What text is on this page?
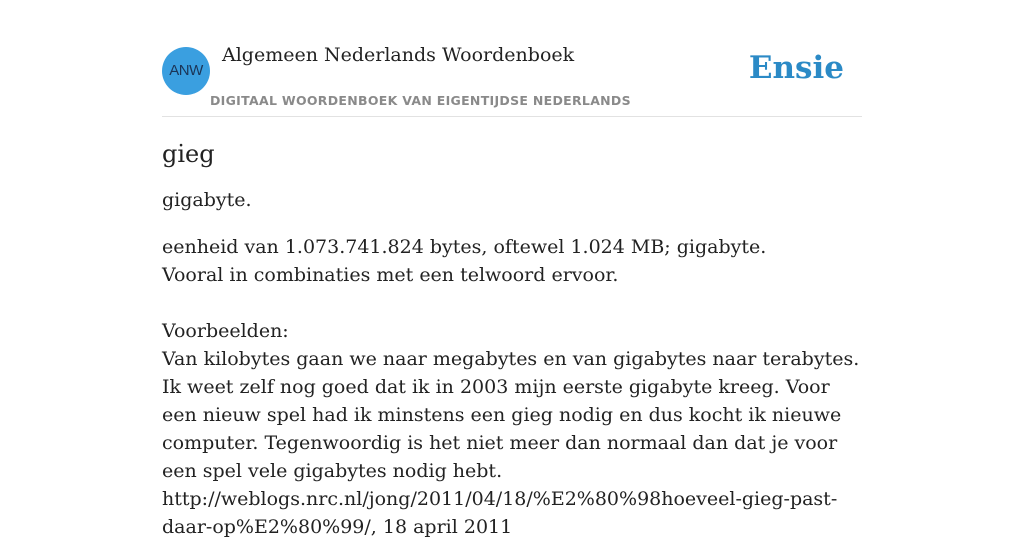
ANW
Algemeen Nederlands Woordenboek
DIGITAAL WOORDENBOEK VAN EIGENTIJDSE NEDERLANDS
Ensie
gieg

gigabyte.

eenheid van 1.073.741.824 bytes, oftewel 1.024 MB; gigabyte.
Vooral in combinaties met een telwoord ervoor.

Voorbeelden:
Van kilobytes gaan we naar megabytes en van gigabytes naar terabytes. Ik weet zelf nog goed dat ik in 2003 mijn eerste gigabyte kreeg. Voor een nieuw spel had ik minstens een gieg nodig en dus kocht ik nieuwe computer. Tegenwoordig is het niet meer dan normaal dan dat je voor een spel vele gigabytes nodig hebt. http://weblogs.nrc.nl/jong/2011/04/18/%E2%80%98hoeveel-gieg-past-daar-op%E2%80%99/, 18 april 2011
